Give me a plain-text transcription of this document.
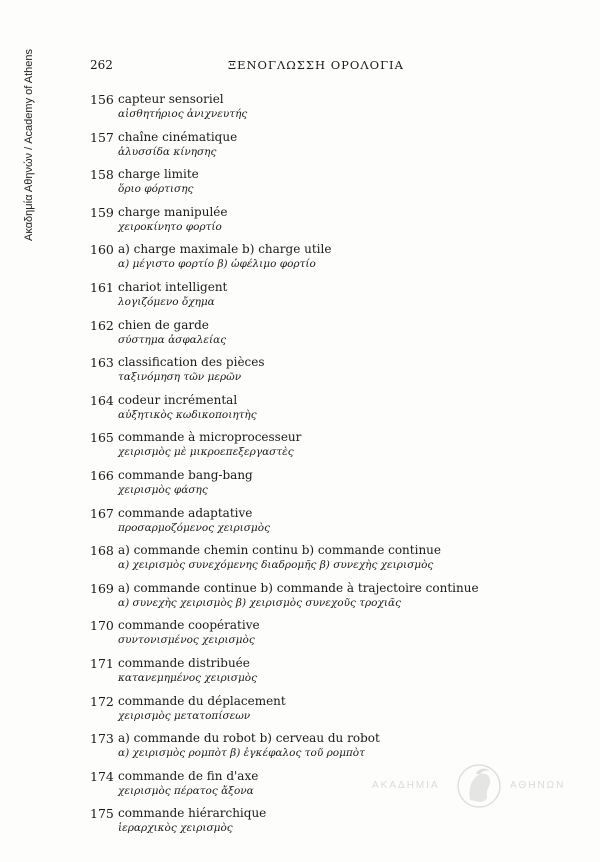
Ακαδημία Αθηνών / Academy of Athens	262	ΞΕΝΟΓΛΩΣΣΗ ΟΡΟΛΟΓΙΑ
156 capteur sensoriel
αἰσθητήριος ἀνιχνευτής
157 chaîne cinématique
ἁλυσσίδα κίνησης
158 charge limite
ὅριο φόρτισης
159 charge manipulée
χειροκίνητο φορτίο
160 a) charge maximale b) charge utile
α) μέγιστο φορτίο β) ὠφέλιμο φορτίο
161 chariot intelligent
λογιζόμενο ὄχημα
162 chien de garde
σύστημα ἀσφαλείας
163 classification des pièces
ταξινόμηση τῶν μερῶν
164 codeur incrémental
αὐξητικὸς κωδικοποιητὴς
165 commande à microprocesseur
χειρισμὸς μὲ μικροεπεξεργαστὲς
166 commande bang-bang
χειρισμὸς φάσης
167 commande adaptative
προσαρμοζόμενος χειρισμὸς
168 a) commande chemin continu b) commande continue
α) χειρισμὸς συνεχόμενης διαδρομῆς β) συνεχὴς χειρισμὸς
169 a) commande continue b) commande à trajectoire continue
α) συνεχὴς χειρισμὸς β) χειρισμὸς συνεχοῦς τροχιᾶς
170 commande coopérative
συντονισμένος χειρισμὸς
171 commande distribuée
κατανεμημένος χειρισμὸς
172 commande du déplacement
χειρισμὸς μετατοπίσεων
173 a) commande du robot b) cerveau du robot
α) χειρισμὸς ρομπὸτ β) ἐγκέφαλος τοῦ ρομπὸτ
174 commande de fin d'axe
χειρισμὸς πέρατος ἄξονα
175 commande hiérarchique
ἱεραρχικὸς χειρισμὸς
ΑΚΑΔΗΜΙΑ	ΑΘΗΝΩΝ
